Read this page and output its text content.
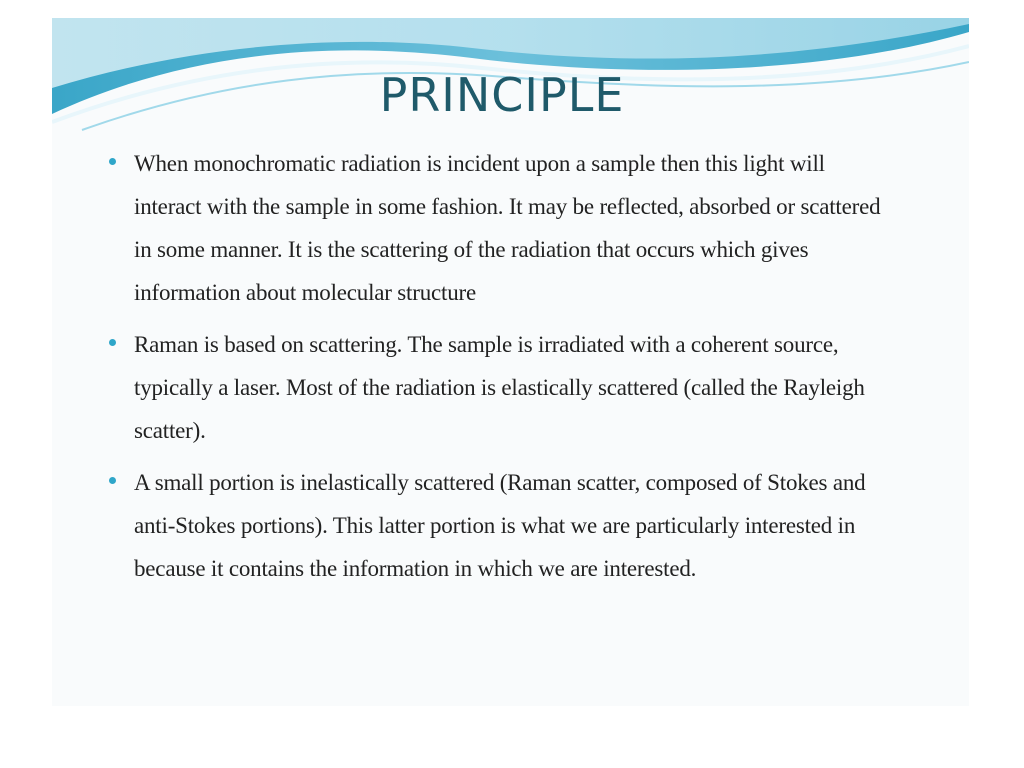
PRINCIPLE
When monochromatic radiation is incident upon a sample then this light will interact with the sample in some fashion. It may be reflected, absorbed or scattered in some manner. It is the scattering of the radiation that occurs which gives information about molecular structure
Raman is based on scattering. The sample is irradiated with a coherent source, typically a laser. Most of the radiation is elastically scattered (called the Rayleigh scatter).
A small portion is inelastically scattered (Raman scatter, composed of Stokes and anti-Stokes portions). This latter portion is what we are particularly interested in because it contains the information in which we are interested.
